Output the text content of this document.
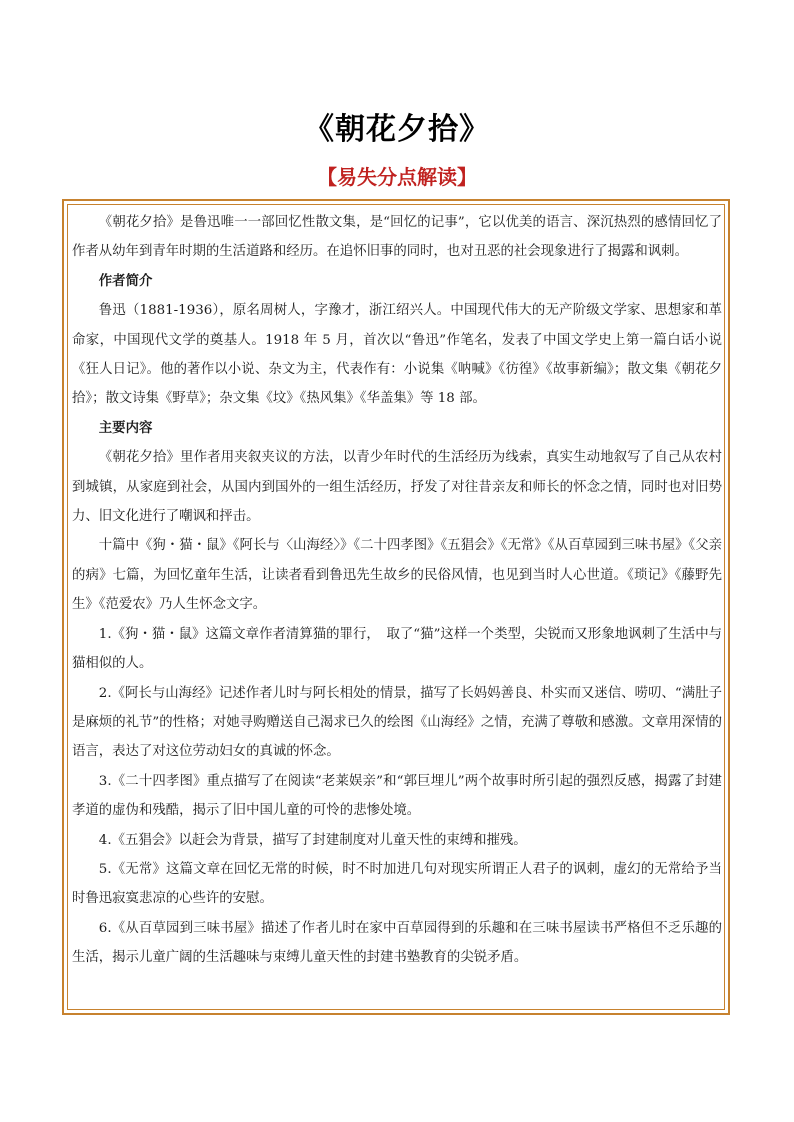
《朝花夕拾》
【易失分点解读】

《朝花夕拾》是鲁迅唯一一部回忆性散文集，是“回忆的记事”，它以优美的语言、深沉热烈的感情回忆了作者从幼年到青年时期的生活道路和经历。在追怀旧事的同时，也对丑恶的社会现象进行了揭露和讽刺。

作者简介

鲁迅（1881-1936），原名周树人，字豫才，浙江绍兴人。中国现代伟大的无产阶级文学家、思想家和革命家，中国现代文学的奠基人。1918 年 5 月，首次以“鲁迅”作笔名，发表了中国文学史上第一篇白话小说《狂人日记》。他的著作以小说、杂文为主，代表作有：小说集《呐喊》《彷徨》《故事新编》；散文集《朝花夕拾》；散文诗集《野草》；杂文集《坟》《热风集》《华盖集》等 18 部。

主要内容

《朝花夕拾》里作者用夹叙夹议的方法，以青少年时代的生活经历为线索，真实生动地叙写了自己从农村到城镇，从家庭到社会，从国内到国外的一组生活经历，抒发了对往昔亲友和师长的怀念之情，同时也对旧势力、旧文化进行了嘲讽和抨击。

十篇中《狗・猫・鼠》《阿长与〈山海经〉》《二十四孝图》《五猖会》《无常》《从百草园到三味书屋》《父亲的病》七篇，为回忆童年生活，让读者看到鲁迅先生故乡的民俗风情，也见到当时人心世道。《琐记》《藤野先生》《范爱农》乃人生怀念文字。

1.《狗・猫・鼠》这篇文章作者清算猫的罪行，　取了“猫”这样一个类型，尖锐而又形象地讽刺了生活中与猫相似的人。

2.《阿长与山海经》记述作者儿时与阿长相处的情景，描写了长妈妈善良、朴实而又迷信、唠叨、“满肚子是麻烦的礼节”的性格；对她寻购赠送自己渴求已久的绘图《山海经》之情，充满了尊敬和感激。文章用深情的语言，表达了对这位劳动妇女的真诚的怀念。

3.《二十四孝图》重点描写了在阅读“老莱娱亲”和“郭巨埋儿”两个故事时所引起的强烈反感，揭露了封建孝道的虚伪和残酷，揭示了旧中国儿童的可怜的悲惨处境。

4.《五猖会》以赶会为背景，描写了封建制度对儿童天性的束缚和摧残。

5.《无常》这篇文章在回忆无常的时候，时不时加进几句对现实所谓正人君子的讽刺，虚幻的无常给予当时鲁迅寂寞悲凉的心些许的安慰。

6.《从百草园到三味书屋》描述了作者儿时在家中百草园得到的乐趣和在三味书屋读书严格但不乏乐趣的生活，揭示儿童广阔的生活趣味与束缚儿童天性的封建书塾教育的尖锐矛盾。
